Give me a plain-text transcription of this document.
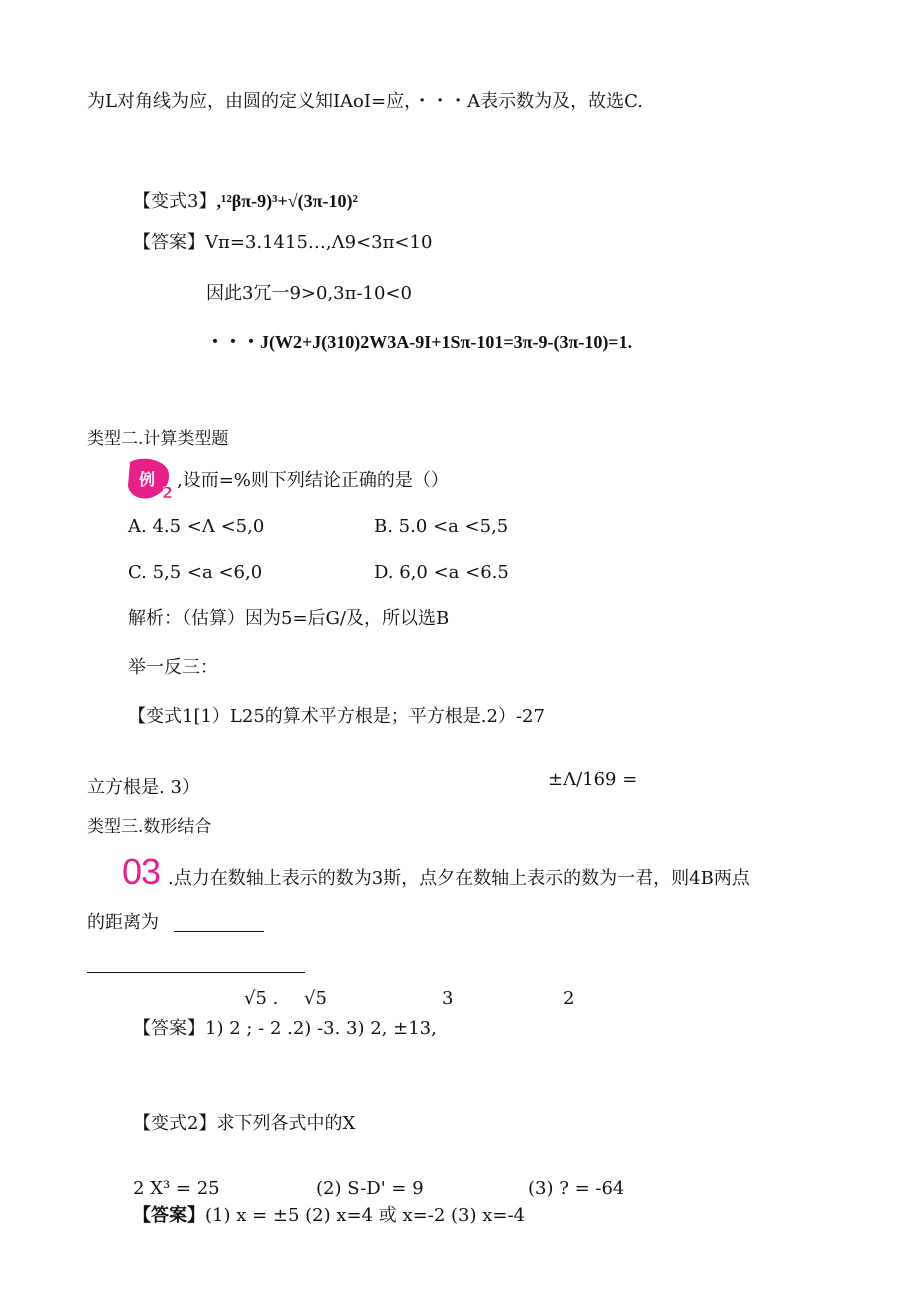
为L对角线为应，由圆的定义知IAoI=应，・・・A表示数为及，故选C.
【变式3】,¹²βπ-9)³+√(3π-10)²
【答案】Vπ=3.1415…,Λ9<3π<10
因此3冗一9>0,3π-10<0
・・・J(W2+J(310)2W3A-9I+1Sπ-101=3π-9-(3π-10)=1.
类型二.计算类型题
例
2
,设而=%则下列结论正确的是（）
A. 4.5 <Λ <5,0	B. 5.0 <a <5,5
C. 5,5 <a <6,0	D. 6,0 <a <6.5
解析：（估算）因为5=后G/及，所以选B
举一反三：
【变式1[1）L25的算术平方根是；平方根是.2）-27
立方根是. 3）	±Λ/169 =
类型三.数形结合
03 .点力在数轴上表示的数为3斯，点夕在数轴上表示的数为一君，则4B两点
的距离为
√5 . √5	3	2
【答案】1) 2 ; - 2 .2) -3. 3) 2, ±13,
【变式2】求下列各式中的X
2 X³ = 25	(2) S-D' = 9	(3) ? = -64
【答案】(1) x = ±5 (2) x=4 或 x=-2 (3) x=-4
